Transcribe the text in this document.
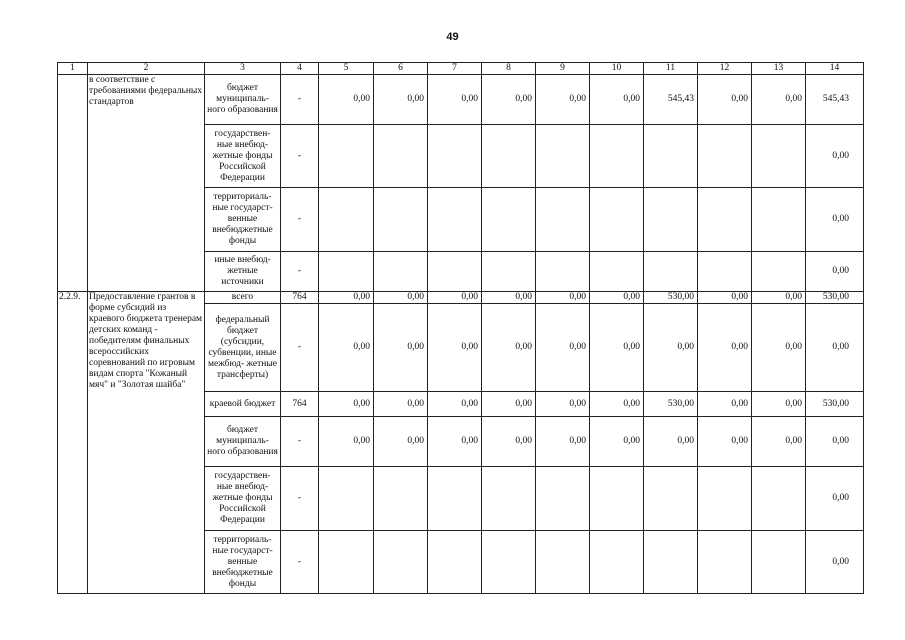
49
1	2	3	4	5	6	7	8	9	10	11	12	13	14
	в соответствие с требованиями федеральных стандартов	бюджет муниципаль- ного образования	-	0,00	0,00	0,00	0,00	0,00	0,00	545,43	0,00	0,00	545,43
		государствен- ные внебюд- жетные фонды Российской Федерации	-										0,00
		территориаль- ные государст- венные внебюджетные фонды	-										0,00
		иные внебюд- жетные источники	-										0,00
2.2.9.	Предоставление грантов в форме субсидий из краевого бюджета тренерам детских команд - победителям финальных всероссийских соревнований по игровым видам спорта "Кожаный мяч" и "Золотая шайба"	всего	764	0,00	0,00	0,00	0,00	0,00	0,00	530,00	0,00	0,00	530,00
		федеральный бюджет (субсидии, субвенции, иные межбюд- жетные трансферты)	-	0,00	0,00	0,00	0,00	0,00	0,00	0,00	0,00	0,00	0,00
		краевой бюджет	764	0,00	0,00	0,00	0,00	0,00	0,00	530,00	0,00	0,00	530,00
		бюджет муниципаль- ного образования	-	0,00	0,00	0,00	0,00	0,00	0,00	0,00	0,00	0,00	0,00
		государствен- ные внебюд- жетные фонды Российской Федерации	-										0,00
		территориаль- ные государст- венные внебюджетные фонды	-										0,00
